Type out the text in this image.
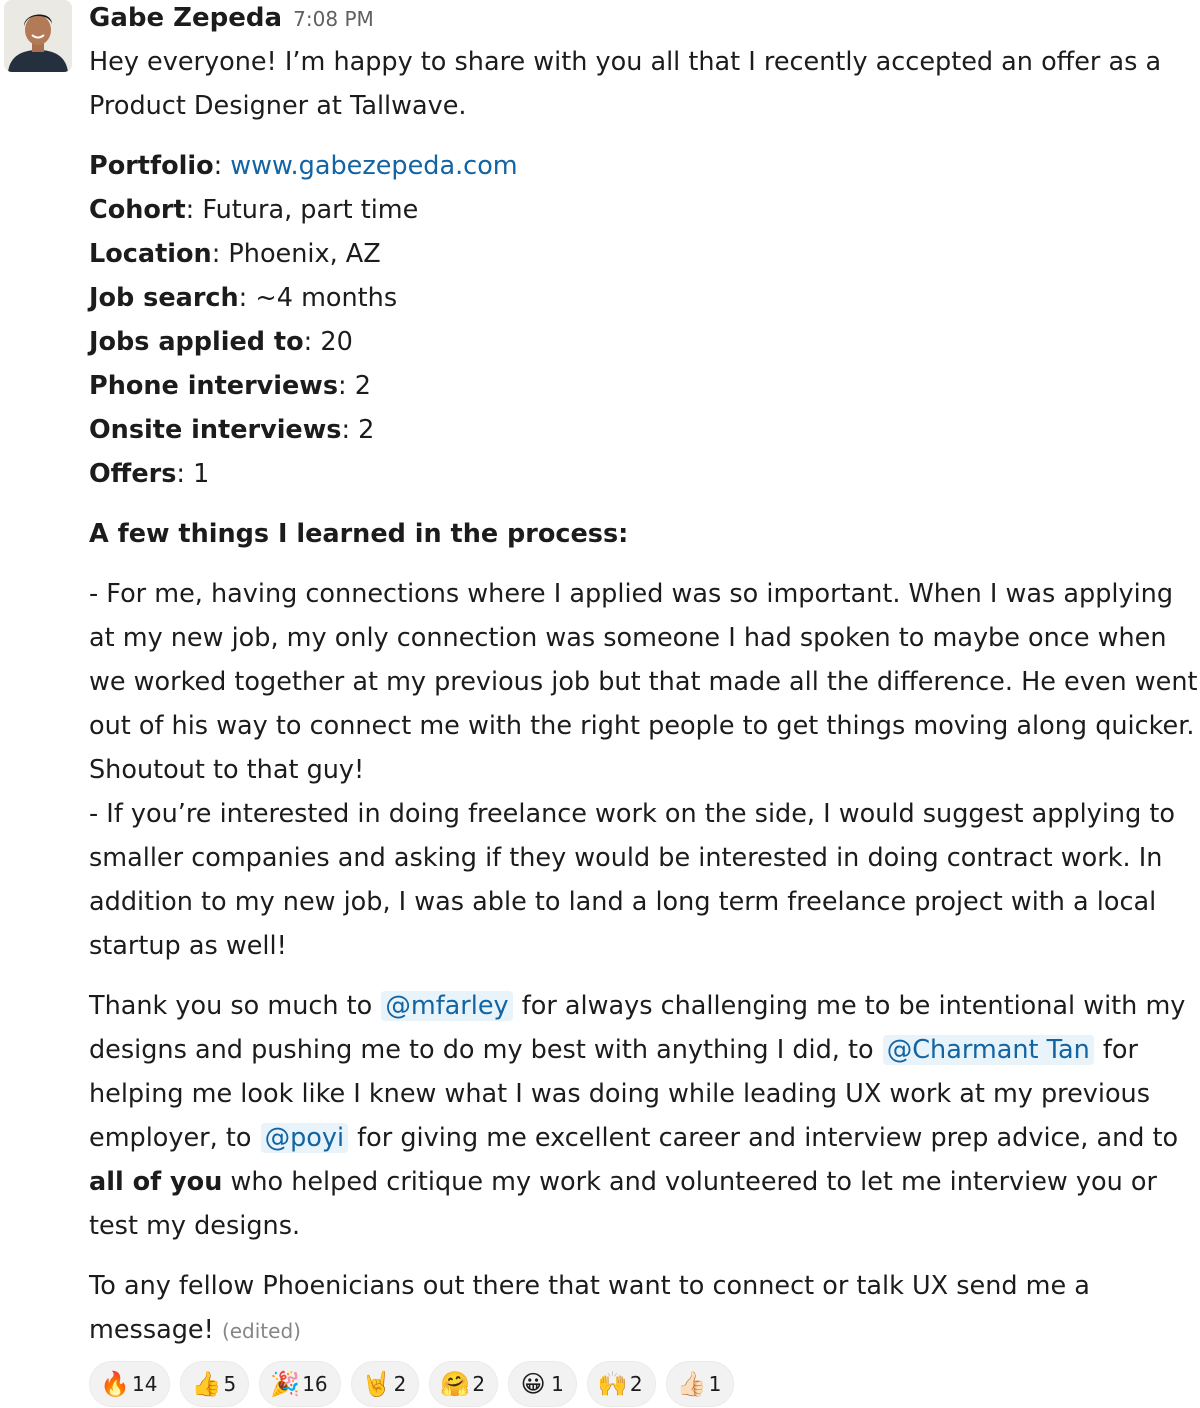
Gabe Zepeda 7:08 PM

Hey everyone! I’m happy to share with you all that I recently accepted an offer as a Product Designer at Tallwave.

Portfolio: www.gabezepeda.com
Cohort: Futura, part time
Location: Phoenix, AZ
Job search: ~4 months
Jobs applied to: 20
Phone interviews: 2
Onsite interviews: 2
Offers: 1

A few things I learned in the process:

- For me, having connections where I applied was so important. When I was applying at my new job, my only connection was someone I had spoken to maybe once when we worked together at my previous job but that made all the difference. He even went out of his way to connect me with the right people to get things moving along quicker. Shoutout to that guy!
- If you’re interested in doing freelance work on the side, I would suggest applying to smaller companies and asking if they would be interested in doing contract work. In addition to my new job, I was able to land a long term freelance project with a local startup as well!

Thank you so much to @mfarley for always challenging me to be intentional with my designs and pushing me to do my best with anything I did, to @Charmant Tan for helping me look like I knew what I was doing while leading UX work at my previous employer, to @poyi for giving me excellent career and interview prep advice, and to all of you who helped critique my work and volunteered to let me interview you or test my designs.

To any fellow Phoenicians out there that want to connect or talk UX send me a message! (edited)

🔥 14 👍 5 🎉 16 🤘 2 🤗 2 😀 1 🙌 2 👍🏻 1
